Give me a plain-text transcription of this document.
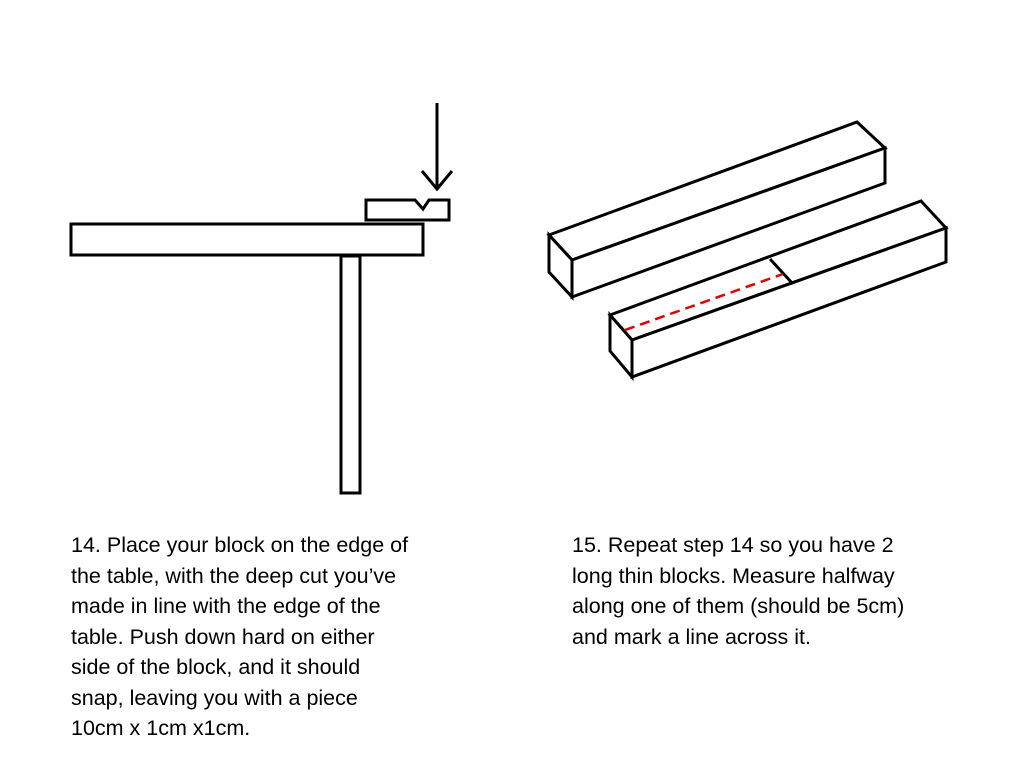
14. Place your block on the edge of
the table, with the deep cut you’ve
made in line with the edge of the
table. Push down hard on either
side of the block, and it should
snap, leaving you with a piece
10cm x 1cm x1cm.

15. Repeat step 14 so you have 2
long thin blocks. Measure halfway
along one of them (should be 5cm)
and mark a line across it.
